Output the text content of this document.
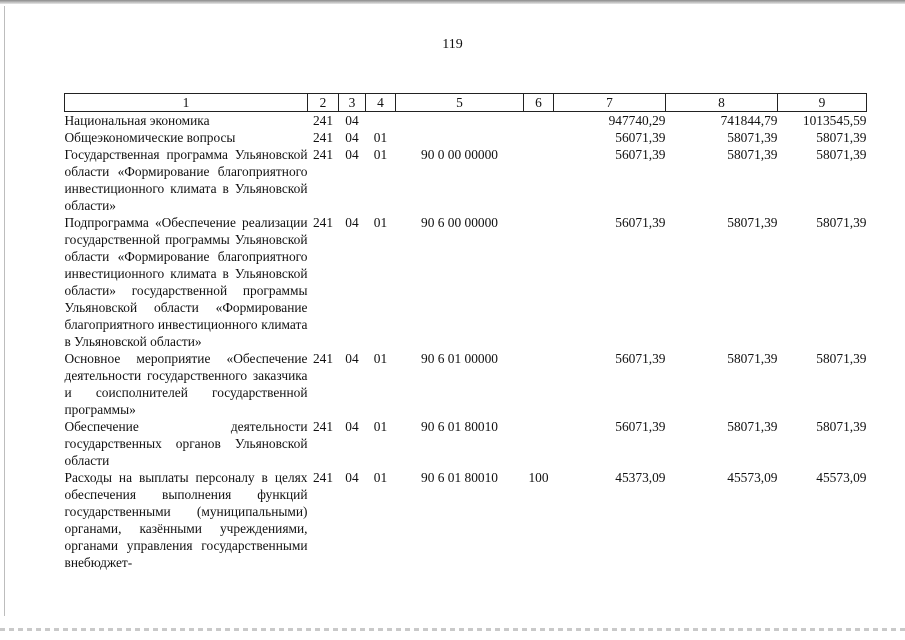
119
1	2	3	4	5	6	7	8	9
Национальная экономика	241	04				947740,29	741844,79	1013545,59
Общеэкономические вопросы	241	04	01			56071,39	58071,39	58071,39
Государственная программа Ульяновской области «Формирование благоприятного инвестиционного климата в Ульяновской области»	241	04	01	90 0 00 00000		56071,39	58071,39	58071,39
Подпрограмма «Обеспечение реализации государственной программы Ульяновской области «Формирование благоприятного инвестиционного климата в Ульяновской области» государственной программы Ульяновской области «Формирование благоприятного инвестиционного климата в Ульяновской области»	241	04	01	90 6 00 00000		56071,39	58071,39	58071,39
Основное мероприятие «Обеспечение деятельности государственного заказчика и соисполнителей государственной программы»	241	04	01	90 6 01 00000		56071,39	58071,39	58071,39
Обеспечение деятельности государственных органов Ульяновской области	241	04	01	90 6 01 80010		56071,39	58071,39	58071,39
Расходы на выплаты персоналу в целях обеспечения выполнения функций государственными (муниципальными) органами, казёнными учреждениями, органами управления государственными внебюджет-	241	04	01	90 6 01 80010	100	45373,09	45573,09	45573,09
